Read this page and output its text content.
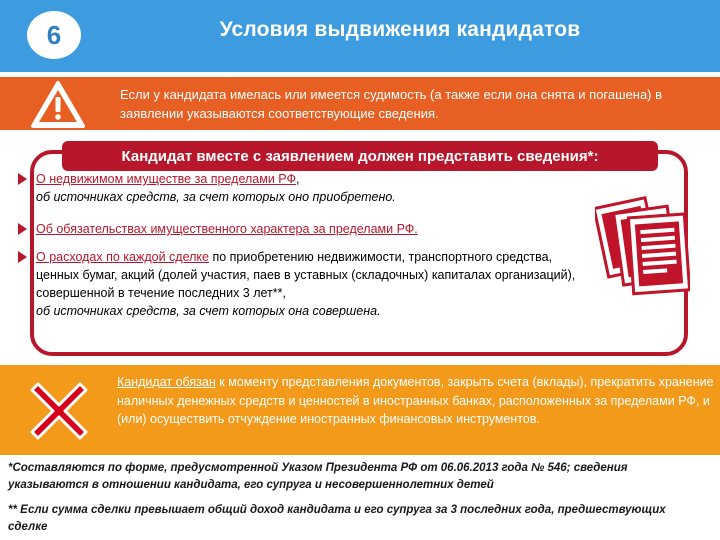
6	Условия выдвижения кандидатов
Если у кандидата имелась или имеется судимость (а также если она снята и погашена) в заявлении указываются соответствующие сведения.
Кандидат вместе с заявлением должен представить сведения*:
О недвижимом имуществе за пределами РФ,
об источниках средств, за счет которых оно приобретено.
Об обязательствах имущественного характера за пределами РФ.
О расходах по каждой сделке по приобретению недвижимости, транспортного средства, ценных бумаг, акций (долей участия, паев в уставных (складочных) капиталах организаций), совершенной в течение последних 3 лет**,
об источниках средств, за счет которых она совершена.
Кандидат обязан к моменту представления документов, закрыть счета (вклады), прекратить хранение наличных денежных средств и ценностей в иностранных банках, расположенных за пределами РФ, и (или) осуществить отчуждение иностранных финансовых инструментов.
*Составляются по форме, предусмотренной Указом Президента РФ от 06.06.2013 года № 546; сведения указываются в отношении кандидата, его супруга и несовершеннолетних детей
** Если сумма сделки превышает общий доход кандидата и его супруга за 3 последних года, предшествующих сделке
